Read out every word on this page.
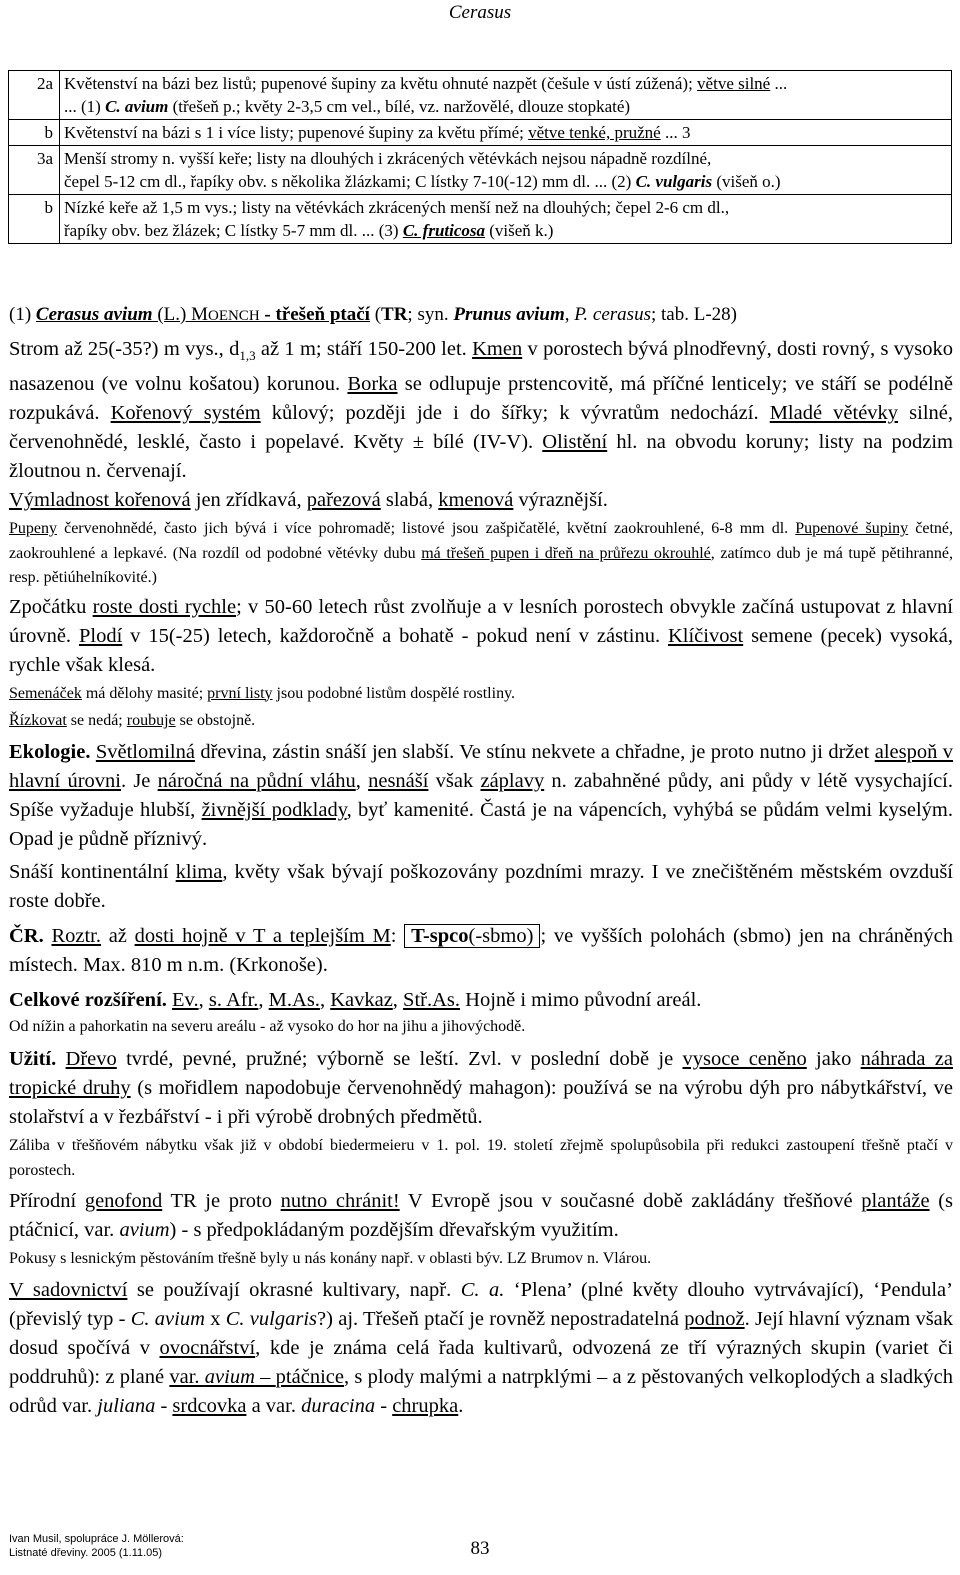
Cerasus
2a	Květenství na bázi bez listů; pupenové šupiny za květu ohnuté nazpět (češule v ústí zúžená); větve silné ...
... (1) C. avium (třešeň p.; květy 2-3,5 cm vel., bílé, vz. naržovělé, dlouze stopkaté)
b	Květenství na bázi s 1 i více listy; pupenové šupiny za květu přímé; větve tenké, pružné ... 3
3a	Menší stromy n. vyšší keře; listy na dlouhých i zkrácených větévkách nejsou nápadně rozdílné,
čepel 5-12 cm dl., řapíky obv. s několika žlázkami; C lístky 7-10(-12) mm dl. ... (2) C. vulgaris (višeň o.)
b	Nízké keře až 1,5 m vys.; listy na větévkách zkrácených menší než na dlouhých; čepel 2-6 cm dl.,
řapíky obv. bez žlázek; C lístky 5-7 mm dl. ... (3) C. fruticosa (višeň k.)

(1) Cerasus avium (L.) MOENCH - třešeň ptačí (TR; syn. Prunus avium, P. cerasus; tab. L-28)

Strom až 25(-35?) m vys., $d_{1,3}$ až 1 m; stáří 150-200 let. Kmen v porostech bývá plnodřevný, dosti rovný, s vysoko nasazenou (ve volnu košatou) korunou. Borka se odlupuje prstencovitě, má příčné lenticely; ve stáří se podélně rozpukává. Kořenový systém kůlový; později jde i do šířky; k vývratům nedochází. Mladé větévky silné, červenohnědé, lesklé, často i popelavé. Květy ± bílé (IV-V). Olistění hl. na obvodu koruny; listy na podzim žloutnou n. červenají.

Výmladnost kořenová jen zřídkavá, pařezová slabá, kmenová výraznější.

Pupeny červenohnědé, často jich bývá i více pohromadě; listové jsou zašpičatělé, květní zaokrouhlené, 6-8 mm dl. Pupenové šupiny četné, zaokrouhlené a lepkavé. (Na rozdíl od podobné větévky dubu má třešeň pupen i dřeň na průřezu okrouhlé, zatímco dub je má tupě pětihranné, resp. pětiúhelníkovité.)

Zpočátku roste dosti rychle; v 50-60 letech růst zvolňuje a v lesních porostech obvykle začíná ustupovat z hlavní úrovně. Plodí v 15(-25) letech, každoročně a bohatě - pokud není v zástinu. Klíčivost semene (pecek) vysoká, rychle však klesá.

Semenáček má dělohy masité; první listy jsou podobné listům dospělé rostliny.

Řízkovat se nedá; roubuje se obstojně.

Ekologie. Světlomilná dřevina, zástin snáší jen slabší. Ve stínu nekvete a chřadne, je proto nutno ji držet alespoň v hlavní úrovni. Je náročná na půdní vláhu, nesnáší však záplavy n. zabahněné půdy, ani půdy v létě vysychající. Spíše vyžaduje hlubší, živnější podklady, byť kamenité. Častá je na vápencích, vyhýbá se půdám velmi kyselým. Opad je půdně příznivý.

Snáší kontinentální klima, květy však bývají poškozovány pozdními mrazy. I ve znečištěném městském ovzduší roste dobře.

ČR. Roztr. až dosti hojně v T a teplejším M: T-spco(-sbmo) ; ve vyšších polohách (sbmo) jen na chráněných místech. Max. 810 m n.m. (Krkonoše).

Celkové rozšíření. Ev., s. Afr., M.As., Kavkaz, Stř.As. Hojně i mimo původní areál.

Od nížin a pahorkatin na severu areálu - až vysoko do hor na jihu a jihovýchodě.

Užití. Dřevo tvrdé, pevné, pružné; výborně se leští. Zvl. v poslední době je vysoce ceněno jako náhrada za tropické druhy (s mořidlem napodobuje červenohnědý mahagon): používá se na výrobu dýh pro nábytkářství, ve stolařství a v řezbářství - i při výrobě drobných předmětů.

Záliba v třešňovém nábytku však již v období biedermeieru v 1. pol. 19. století zřejmě spolupůsobila při redukci zastoupení třešně ptačí v porostech.

Přírodní genofond TR je proto nutno chránit! V Evropě jsou v současné době zakládány třešňové plantáže (s ptáčnicí, var. avium) - s předpokládaným pozdějším dřevařským využitím.

Pokusy s lesnickým pěstováním třešně byly u nás konány např. v oblasti býv. LZ Brumov n. Vlárou.

V sadovnictví se používají okrasné kultivary, např. C. a. ‘Plena’ (plné květy dlouho vytrvávající), ‘Pendula’ (převislý typ - C. avium x C. vulgaris?) aj. Třešeň ptačí je rovněž nepostradatelná podnož. Její hlavní význam však dosud spočívá v ovocnářství, kde je známa celá řada kultivarů, odvozená ze tří výrazných skupin (variet či poddruhů): z plané var. avium – ptáčnice, s plody malými a natrpklými – a z pěstovaných velkoplodých a sladkých odrůd var. juliana - srdcovka a var. duracina - chrupka.

Ivan Musil, spolupráce J. Möllerová:
Listnaté dřeviny. 2005 (1.11.05)	83
